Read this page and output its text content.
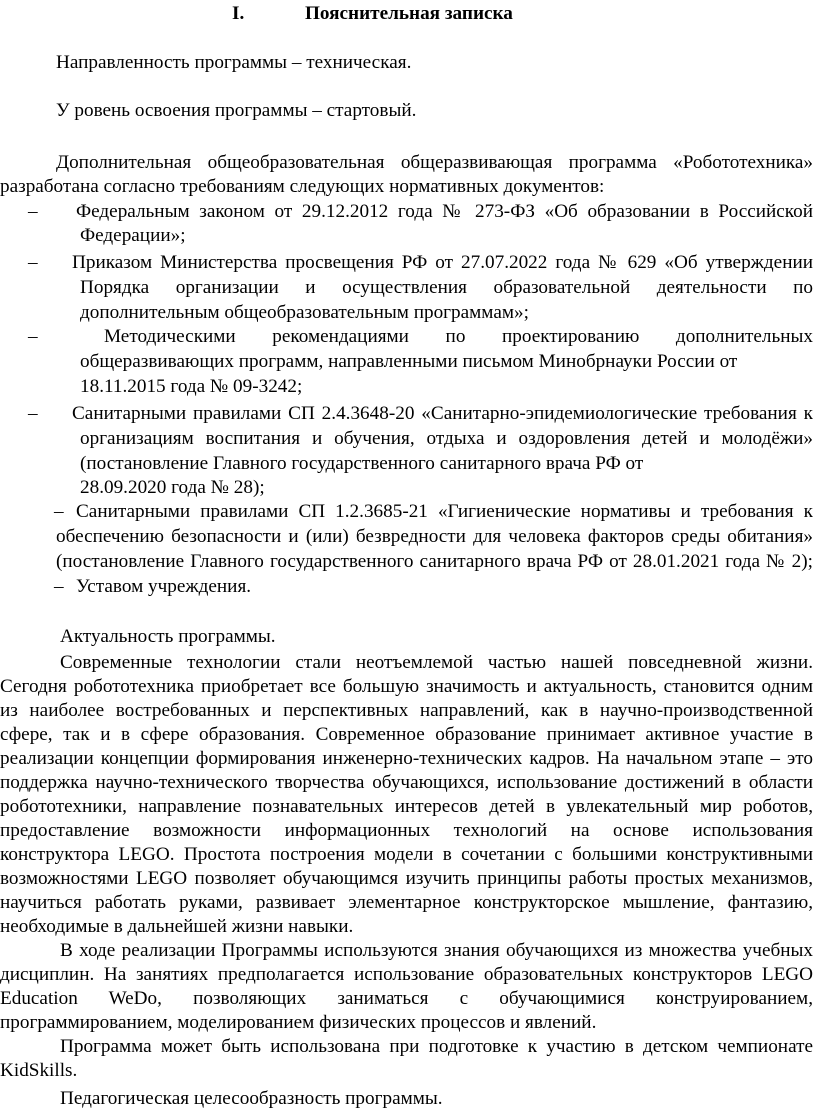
I.	Пояснительная записка
Направленность программы – техническая.
У ровень освоения программы – стартовый.
Дополнительная общеобразовательная общеразвивающая программа «Робототехника»
разработана согласно требованиям следующих нормативных документов:
–	Федеральным законом от 29.12.2012 года № 273-ФЗ «Об образовании в Российской
Федерации»;
–	Приказом Министерства просвещения РФ от 27.07.2022 года № 629 «Об утверждении
Порядка организации и осуществления образовательной деятельности по
дополнительным общеобразовательным программам»;
–	Методическими рекомендациями по проектированию дополнительных
общеразвивающих программ, направленными письмом Минобрнауки России от
18.11.2015 года № 09-3242;
–	Санитарными правилами СП 2.4.3648-20 «Санитарно-эпидемиологические требования к
организациям воспитания и обучения, отдыха и оздоровления детей и молодёжи»
(постановление Главного государственного санитарного врача РФ от
28.09.2020 года № 28);
– Санитарными правилами СП 1.2.3685-21 «Гигиенические нормативы и требования к
обеспечению безопасности и (или) безвредности для человека факторов среды обитания»
(постановление Главного государственного санитарного врача РФ от 28.01.2021 года № 2);
– Уставом учреждения.
Актуальность программы.
Современные технологии стали неотъемлемой частью нашей повседневной жизни.
Сегодня робототехника приобретает все большую значимость и актуальность, становится одним
из наиболее востребованных и перспективных направлений, как в научно-производственной
сфере, так и в сфере образования. Современное образование принимает активное участие в
реализации концепции формирования инженерно-технических кадров. На начальном этапе – это
поддержка научно-технического творчества обучающихся, использование достижений в области
робототехники, направление познавательных интересов детей в увлекательный мир роботов,
предоставление возможности информационных технологий на основе использования
конструктора LEGO. Простота построения модели в сочетании с большими конструктивными
возможностями LEGO позволяет обучающимся изучить принципы работы простых механизмов,
научиться работать руками, развивает элементарное конструкторское мышление, фантазию,
необходимые в дальнейшей жизни навыки.
В ходе реализации Программы используются знания обучающихся из множества учебных
дисциплин. На занятиях предполагается использование образовательных конструкторов LEGO
Education WeDo, позволяющих заниматься с обучающимися конструированием,
программированием, моделированием физических процессов и явлений.
Программа может быть использована при подготовке к участию в детском чемпионате
KidSkills.
Педагогическая целесообразность программы.
